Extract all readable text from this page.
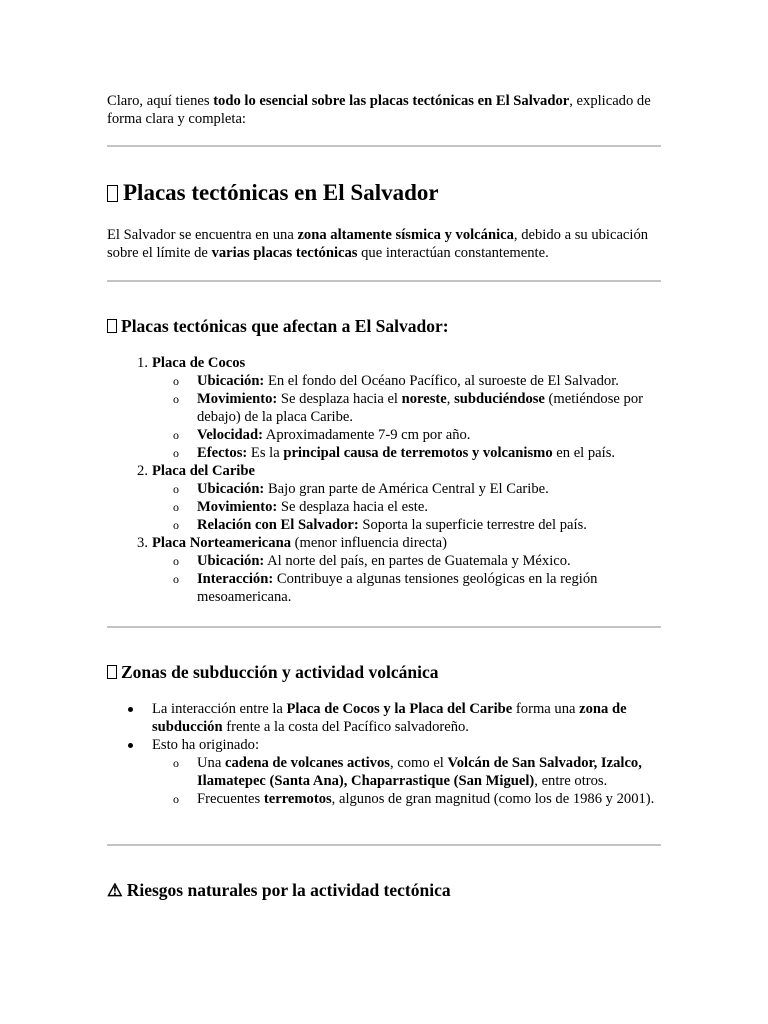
Claro, aquí tienes todo lo esencial sobre las placas tectónicas en El Salvador, explicado de forma clara y completa:

Placas tectónicas en El Salvador

El Salvador se encuentra en una zona altamente sísmica y volcánica, debido a su ubicación sobre el límite de varias placas tectónicas que interactúan constantemente.

Placas tectónicas que afectan a El Salvador:
1. Placa de Cocos
o Ubicación: En el fondo del Océano Pacífico, al suroeste de El Salvador.
o Movimiento: Se desplaza hacia el noreste, subduciéndose (metiéndose por debajo) de la placa Caribe.
o Velocidad: Aproximadamente 7-9 cm por año.
o Efectos: Es la principal causa de terremotos y volcanismo en el país.
2. Placa del Caribe
o Ubicación: Bajo gran parte de América Central y El Caribe.
o Movimiento: Se desplaza hacia el este.
o Relación con El Salvador: Soporta la superficie terrestre del país.
3. Placa Norteamericana (menor influencia directa)
o Ubicación: Al norte del país, en partes de Guatemala y México.
o Interacción: Contribuye a algunas tensiones geológicas en la región mesoamericana.
Zonas de subducción y actividad volcánica
La interacción entre la Placa de Cocos y la Placa del Caribe forma una zona de subducción frente a la costa del Pacífico salvadoreño.
Esto ha originado:
o Una cadena de volcanes activos, como el Volcán de San Salvador, Izalco, Ilamatepec (Santa Ana), Chaparrastique (San Miguel), entre otros.
o Frecuentes terremotos, algunos de gran magnitud (como los de 1986 y 2001).
⚠ Riesgos naturales por la actividad tectónica
